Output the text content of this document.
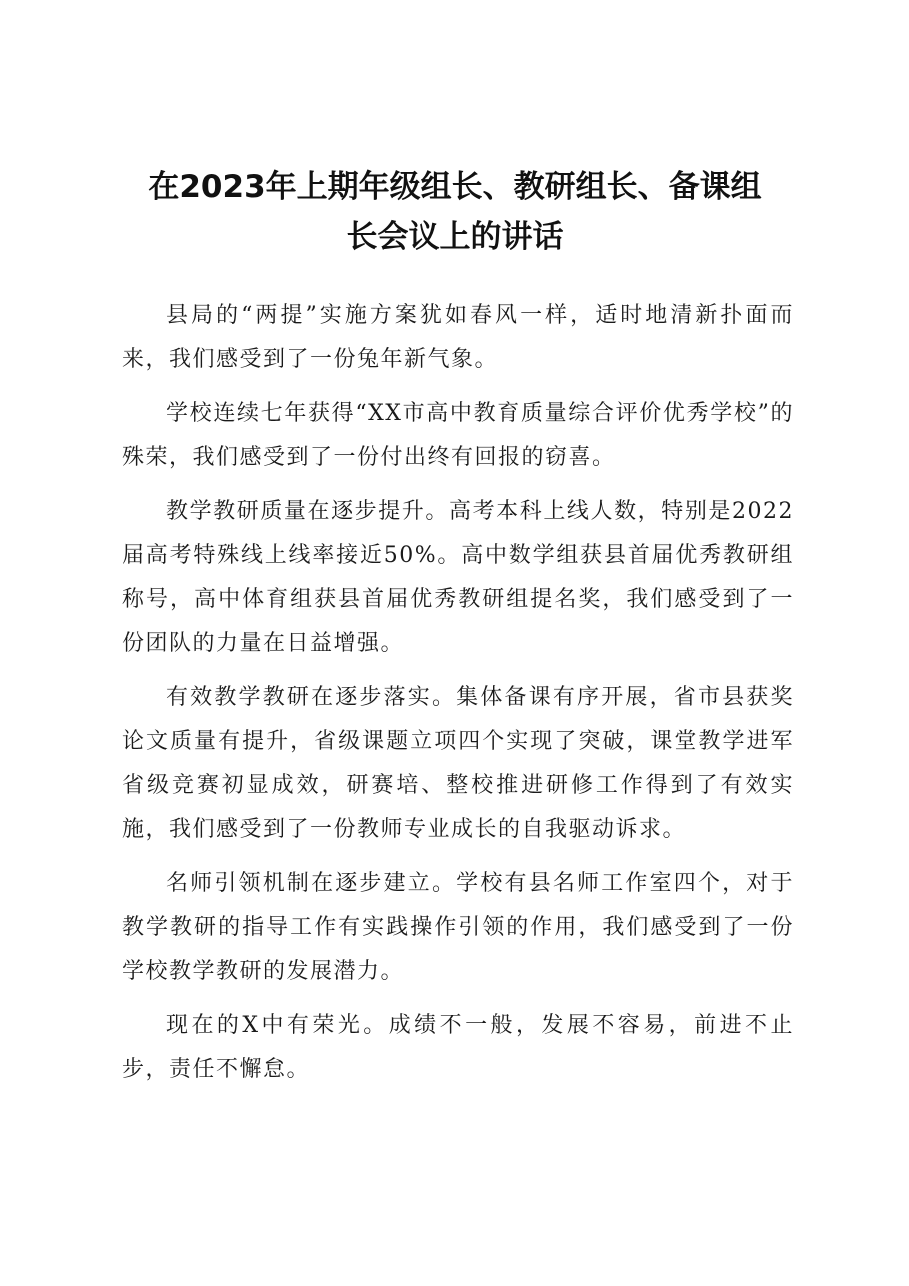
在2023年上期年级组长、教研组长、备课组
长会议上的讲话

县局的“两提”实施方案犹如春风一样，适时地清新扑面而来，我们感受到了一份兔年新气象。

学校连续七年获得“XX市高中教育质量综合评价优秀学校”的殊荣，我们感受到了一份付出终有回报的窃喜。

教学教研质量在逐步提升。高考本科上线人数，特别是2022届高考特殊线上线率接近50%。高中数学组获县首届优秀教研组称号，高中体育组获县首届优秀教研组提名奖，我们感受到了一份团队的力量在日益增强。

有效教学教研在逐步落实。集体备课有序开展，省市县获奖论文质量有提升，省级课题立项四个实现了突破，课堂教学进军省级竞赛初显成效，研赛培、整校推进研修工作得到了有效实施，我们感受到了一份教师专业成长的自我驱动诉求。

名师引领机制在逐步建立。学校有县名师工作室四个，对于教学教研的指导工作有实践操作引领的作用，我们感受到了一份学校教学教研的发展潜力。

现在的X中有荣光。成绩不一般，发展不容易，前进不止步，责任不懈怠。
